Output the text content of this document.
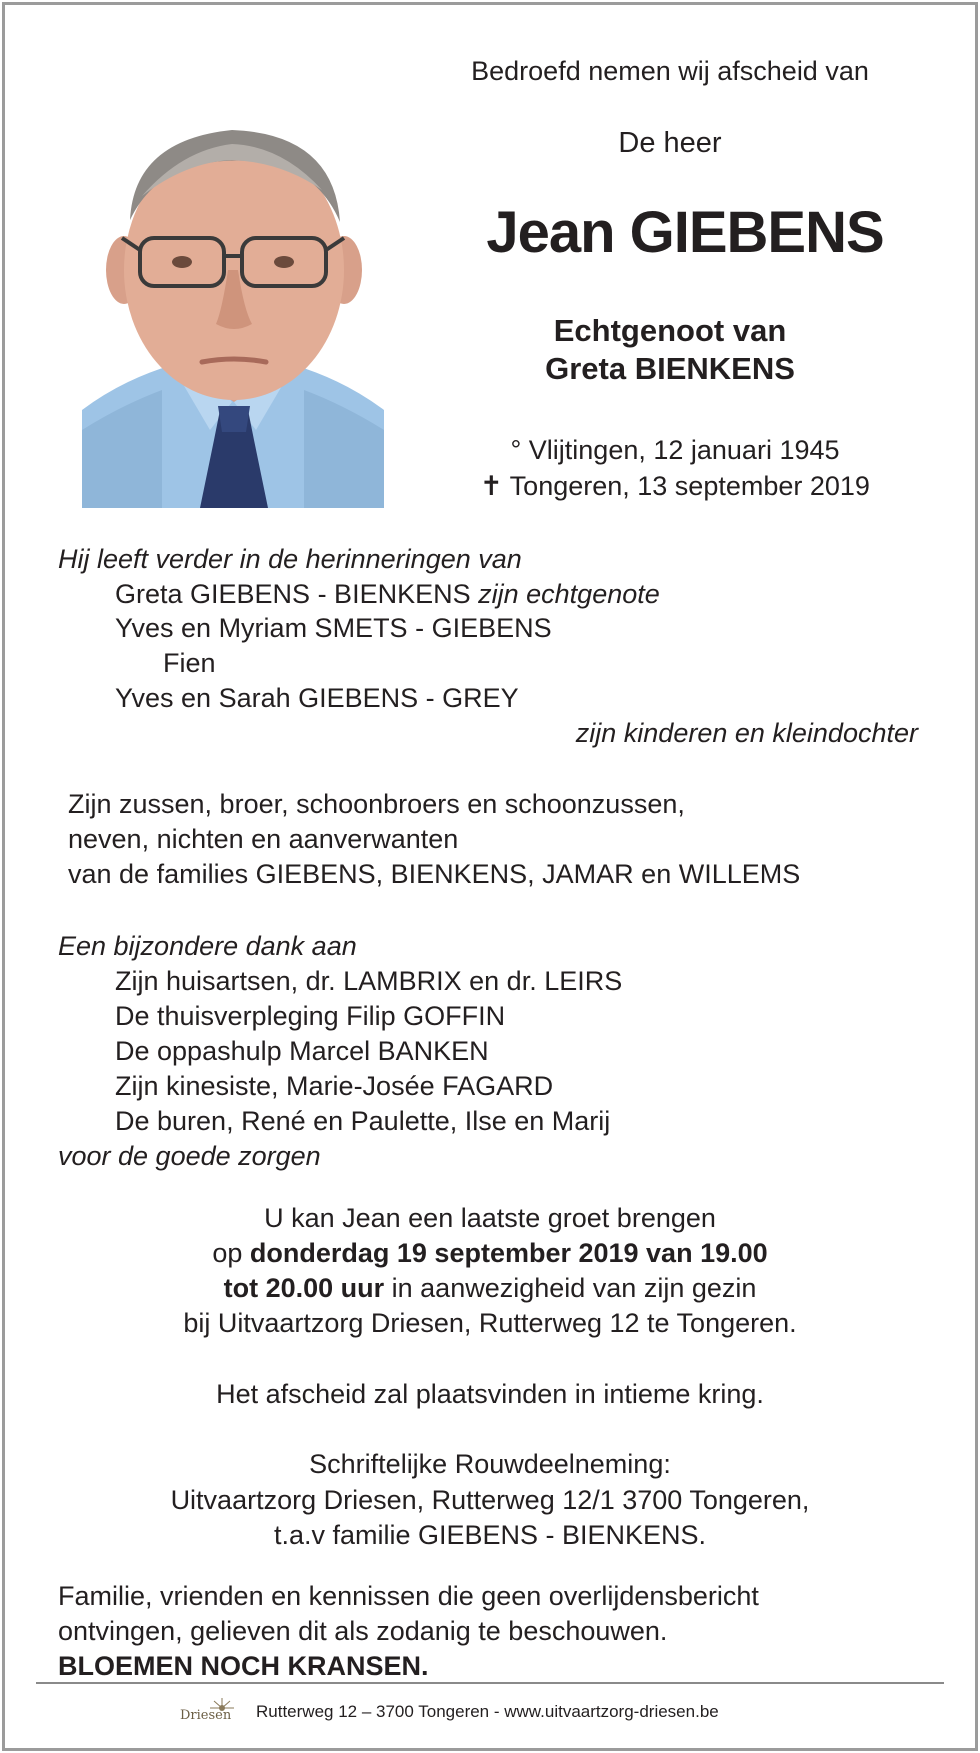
Bedroefd nemen wij afscheid van
De heer
Jean GIEBENS
Echtgenoot van
Greta BIENKENS
° Vlijtingen, 12 januari 1945
✝ Tongeren, 13 september 2019
Hij leeft verder in de herinneringen van
Greta GIEBENS - BIENKENS zijn echtgenote
Yves en Myriam SMETS - GIEBENS
Fien
Yves en Sarah GIEBENS - GREY
zijn kinderen en kleindochter
Zijn zussen, broer, schoonbroers en schoonzussen,
neven, nichten en aanverwanten
van de families GIEBENS, BIENKENS, JAMAR en WILLEMS
Een bijzondere dank aan
Zijn huisartsen, dr. LAMBRIX en dr. LEIRS
De thuisverpleging Filip GOFFIN
De oppashulp Marcel BANKEN
Zijn kinesiste, Marie-Josée FAGARD
De buren, René en Paulette, Ilse en Marij
voor de goede zorgen
U kan Jean een laatste groet brengen
op donderdag 19 september 2019 van 19.00
tot 20.00 uur in aanwezigheid van zijn gezin
bij Uitvaartzorg Driesen, Rutterweg 12 te Tongeren.
Het afscheid zal plaatsvinden in intieme kring.
Schriftelijke Rouwdeelneming:
Uitvaartzorg Driesen, Rutterweg 12/1 3700 Tongeren,
t.a.v familie GIEBENS - BIENKENS.
Familie, vrienden en kennissen die geen overlijdensbericht
ontvingen, gelieven dit als zodanig te beschouwen.
BLOEMEN NOCH KRANSEN.
Driesen Rutterweg 12 – 3700 Tongeren - www.uitvaartzorg-driesen.be
